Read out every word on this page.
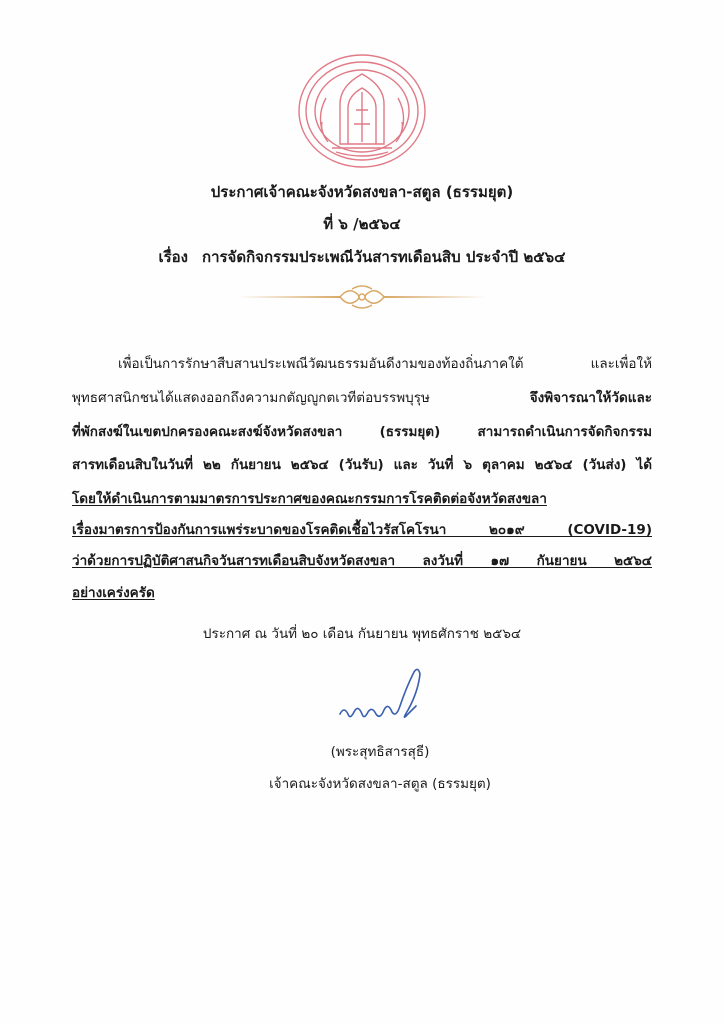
ประกาศเจ้าคณะจังหวัดสงขลา-สตูล (ธรรมยุต)
ที่ ๖ /๒๕๖๔
เรื่อง การจัดกิจกรรมประเพณีวันสารทเดือนสิบ ประจำปี ๒๕๖๔
เพื่อเป็นการรักษาสืบสานประเพณีวัฒนธรรมอันดีงามของท้องถิ่นภาคใต้ และเพื่อให้
พุทธศาสนิกชนได้แสดงออกถึงความกตัญญูกตเวทีต่อบรรพบุรุษ	จึงพิจารณาให้วัดและ
ที่พักสงฆ์ในเขตปกครองคณะสงฆ์จังหวัดสงขลา (ธรรมยุต) สามารถดำเนินการจัดกิจกรรม
สารทเดือนสิบในวันที่ ๒๒ กันยายน ๒๕๖๔ (วันรับ) และ วันที่ ๖ ตุลาคม ๒๕๖๔ (วันส่ง) ได้
โดยให้ดำเนินการตามมาตรการประกาศของคณะกรรมการโรคติดต่อจังหวัดสงขลา
เรื่องมาตรการป้องกันการแพร่ระบาดของโรคติดเชื้อไวรัสโคโรนา ๒๐๑๙ (COVID-19)
ว่าด้วยการปฏิบัติศาสนกิจวันสารทเดือนสิบจังหวัดสงขลา ลงวันที่ ๑๗ กันยายน ๒๕๖๔
อย่างเคร่งครัด
ประกาศ ณ วันที่ ๒๐ เดือน กันยายน พุทธศักราช ๒๕๖๔
(พระสุทธิสารสุธี)
เจ้าคณะจังหวัดสงขลา-สตูล (ธรรมยุต)
